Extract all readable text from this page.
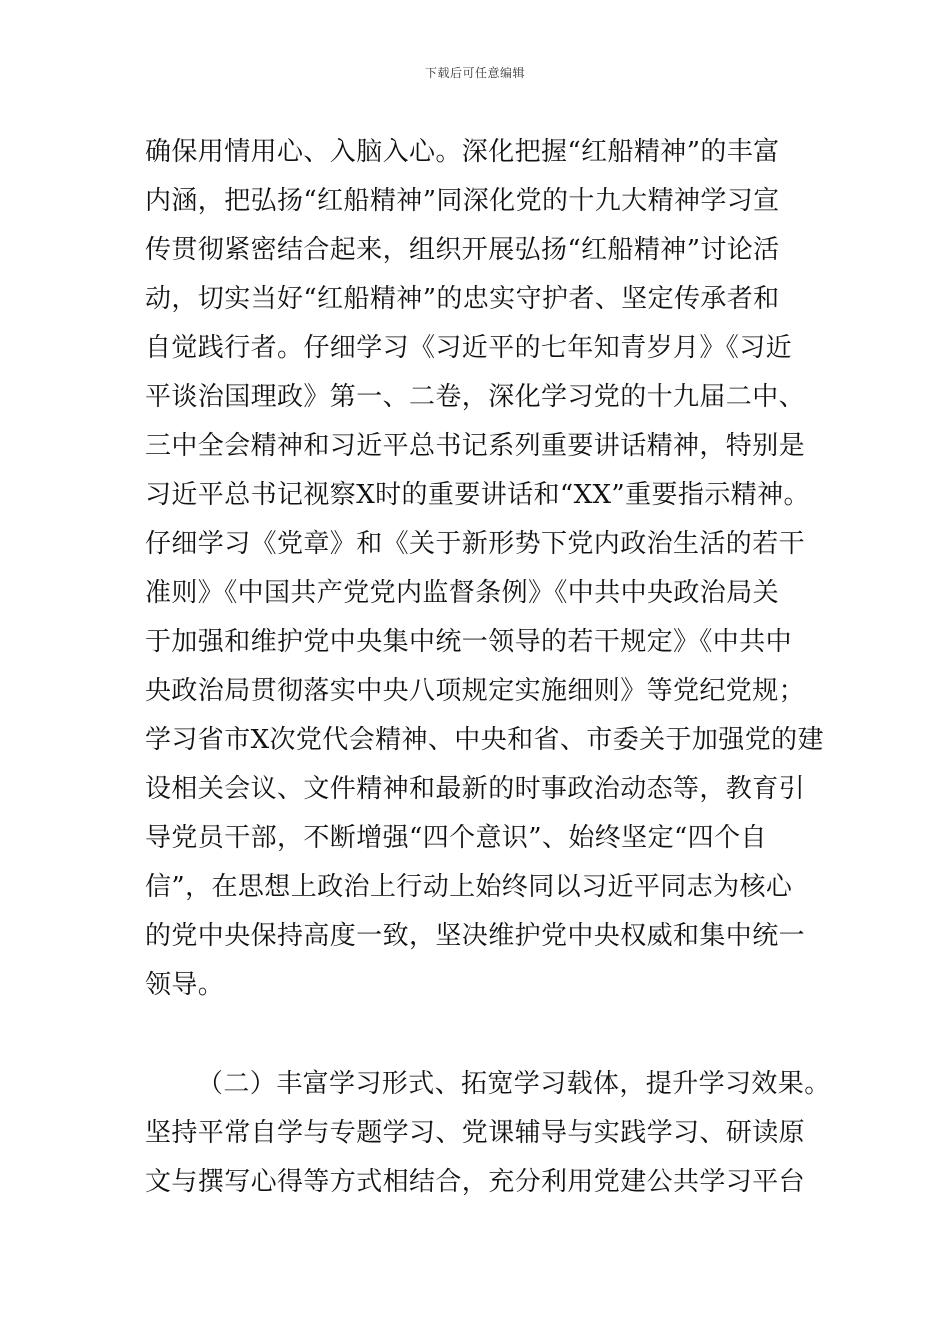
下载后可任意编辑
确保用情用心、入脑入心。深化把握“红船精神”的丰富
内涵，把弘扬“红船精神”同深化党的十九大精神学习宣
传贯彻紧密结合起来，组织开展弘扬“红船精神”讨论活
动，切实当好“红船精神”的忠实守护者、坚定传承者和
自觉践行者。仔细学习《习近平的七年知青岁月》《习近
平谈治国理政》第一、二卷，深化学习党的十九届二中、
三中全会精神和习近平总书记系列重要讲话精神，特别是
习近平总书记视察X时的重要讲话和“XX”重要指示精神。
仔细学习《党章》和《关于新形势下党内政治生活的若干
准则》《中国共产党党内监督条例》《中共中央政治局关
于加强和维护党中央集中统一领导的若干规定》《中共中
央政治局贯彻落实中央八项规定实施细则》等党纪党规；
学习省市X次党代会精神、中央和省、市委关于加强党的建
设相关会议、文件精神和最新的时事政治动态等，教育引
导党员干部，不断增强“四个意识”、始终坚定“四个自
信”，在思想上政治上行动上始终同以习近平同志为核心
的党中央保持高度一致，坚决维护党中央权威和集中统一
领导。
（二）丰富学习形式、拓宽学习载体，提升学习效果。
坚持平常自学与专题学习、党课辅导与实践学习、研读原
文与撰写心得等方式相结合，充分利用党建公共学习平台
